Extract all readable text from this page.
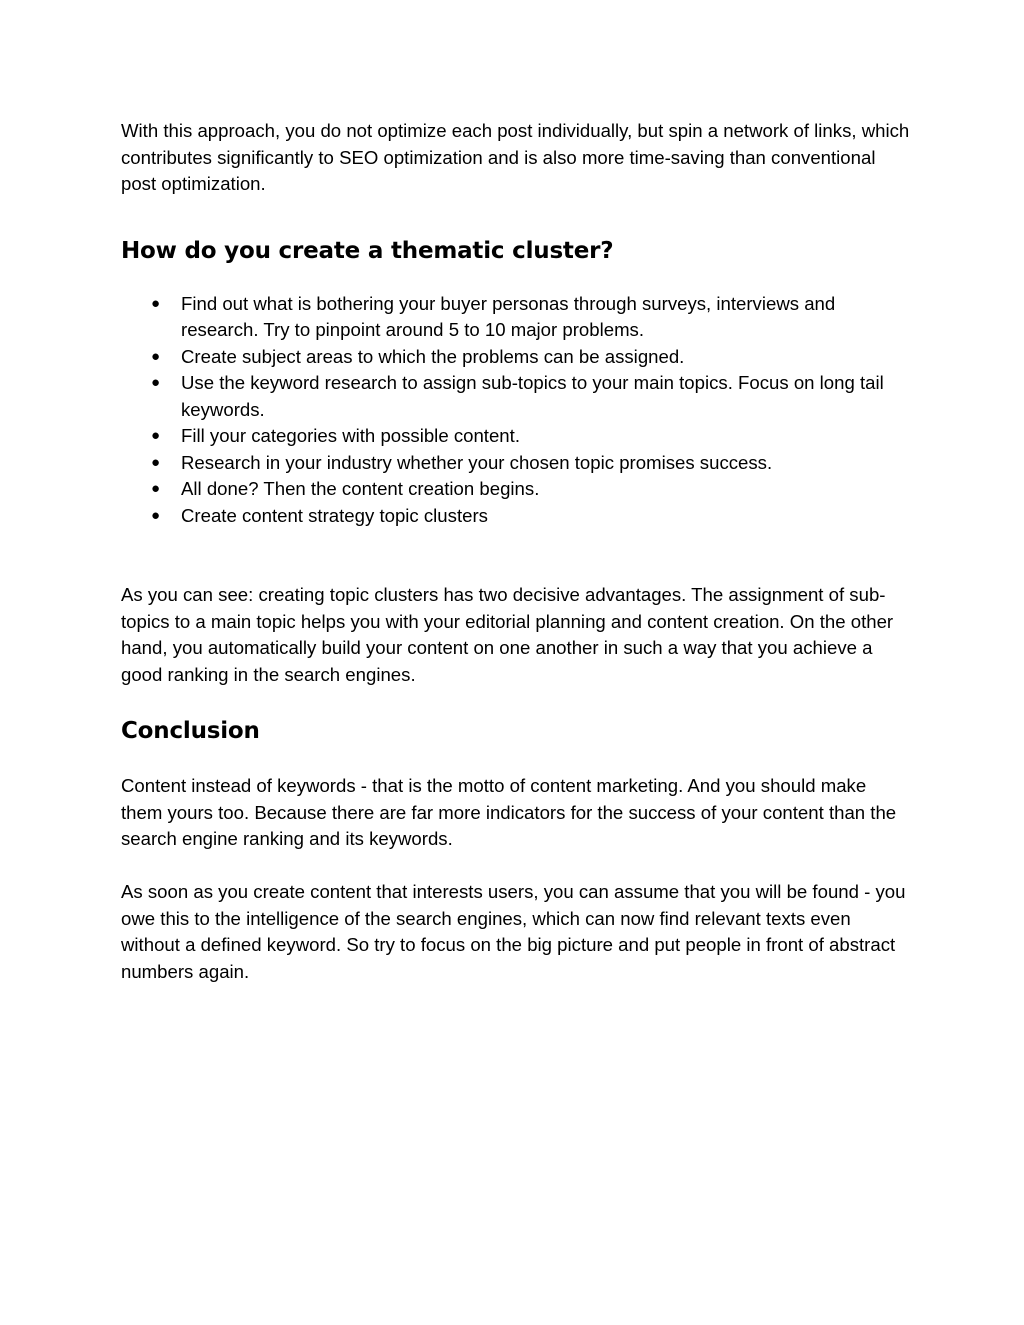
With this approach, you do not optimize each post individually, but spin a network of links, which contributes significantly to SEO optimization and is also more time-saving than conventional post optimization.

How do you create a thematic cluster?
● Find out what is bothering your buyer personas through surveys, interviews and research. Try to pinpoint around 5 to 10 major problems.
● Create subject areas to which the problems can be assigned.
● Use the keyword research to assign sub-topics to your main topics. Focus on long tail keywords.
● Fill your categories with possible content.
● Research in your industry whether your chosen topic promises success.
● All done? Then the content creation begins.
● Create content strategy topic clusters

As you can see: creating topic clusters has two decisive advantages. The assignment of sub-topics to a main topic helps you with your editorial planning and content creation. On the other hand, you automatically build your content on one another in such a way that you achieve a good ranking in the search engines.

Conclusion

Content instead of keywords - that is the motto of content marketing. And you should make them yours too. Because there are far more indicators for the success of your content than the search engine ranking and its keywords.

As soon as you create content that interests users, you can assume that you will be found - you owe this to the intelligence of the search engines, which can now find relevant texts even without a defined keyword. So try to focus on the big picture and put people in front of abstract numbers again.
